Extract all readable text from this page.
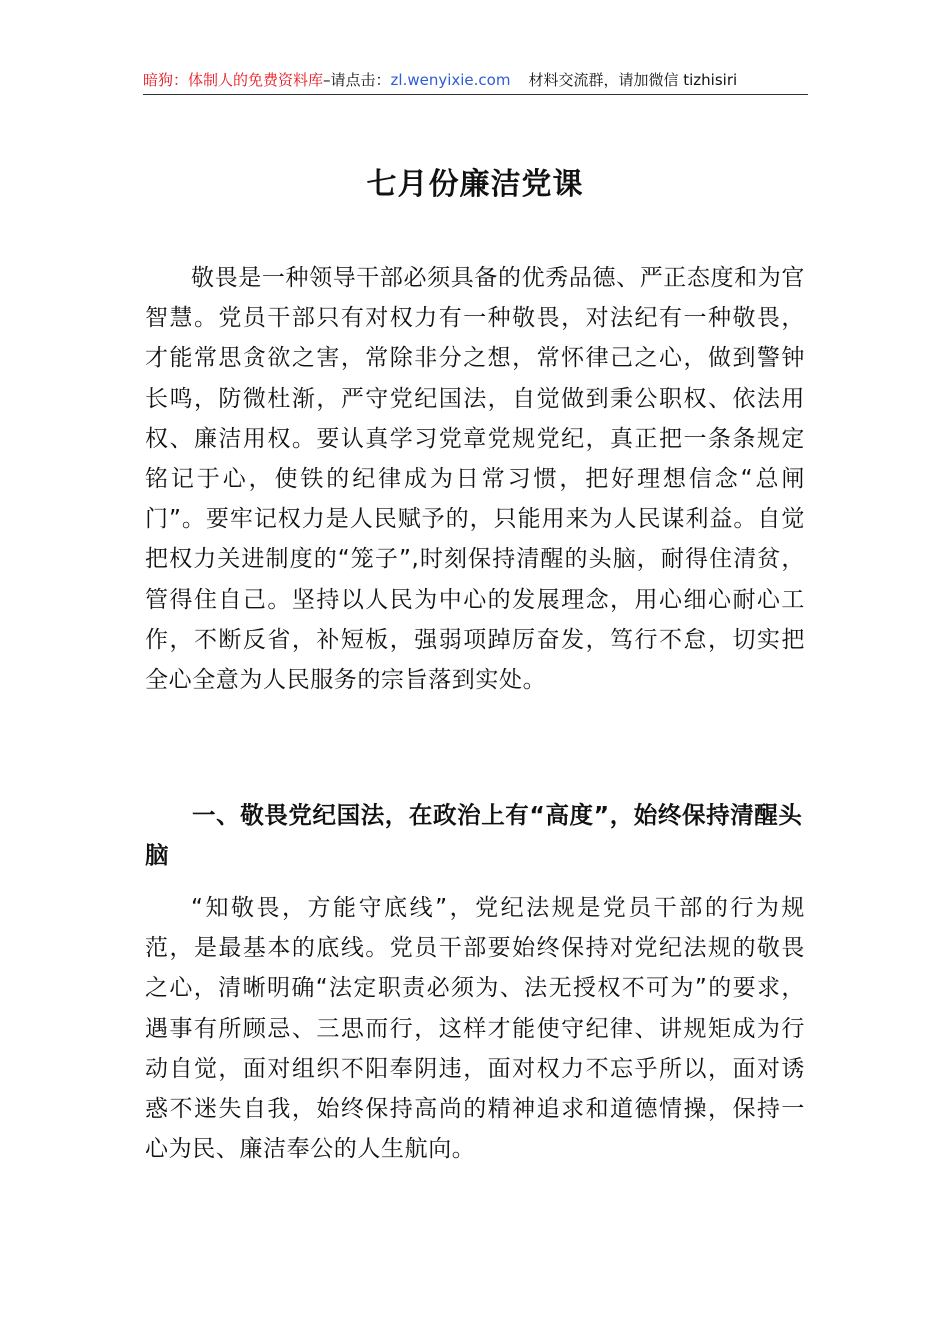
暗狗：体制人的免费资料库 –请点击： zl.wenyixie.com 材料交流群，请加微信 tizhisiri
七月份廉洁党课

敬畏是一种领导干部必须具备的优秀品德、严正态度和为官智慧。党员干部只有对权力有一种敬畏，对法纪有一种敬畏，才能常思贪欲之害，常除非分之想，常怀律己之心，做到警钟长鸣，防微杜渐，严守党纪国法，自觉做到秉公职权、依法用权、廉洁用权。要认真学习党章党规党纪，真正把一条条规定铭记于心，使铁的纪律成为日常习惯，把好理想信念“总闸门”。要牢记权力是人民赋予的，只能用来为人民谋利益。自觉把权力关进制度的“笼子”,时刻保持清醒的头脑，耐得住清贫，管得住自己。坚持以人民为中心的发展理念，用心细心耐心工作，不断反省，补短板，强弱项踔厉奋发，笃行不怠，切实把全心全意为人民服务的宗旨落到实处。

一、敬畏党纪国法，在政治上有“高度”，始终保持清醒头脑

“知敬畏，方能守底线”，党纪法规是党员干部的行为规范，是最基本的底线。党员干部要始终保持对党纪法规的敬畏之心，清晰明确“法定职责必须为、法无授权不可为”的要求，遇事有所顾忌、三思而行，这样才能使守纪律、讲规矩成为行动自觉，面对组织不阳奉阴违，面对权力不忘乎所以，面对诱惑不迷失自我，始终保持高尚的精神追求和道德情操，保持一心为民、廉洁奉公的人生航向。
